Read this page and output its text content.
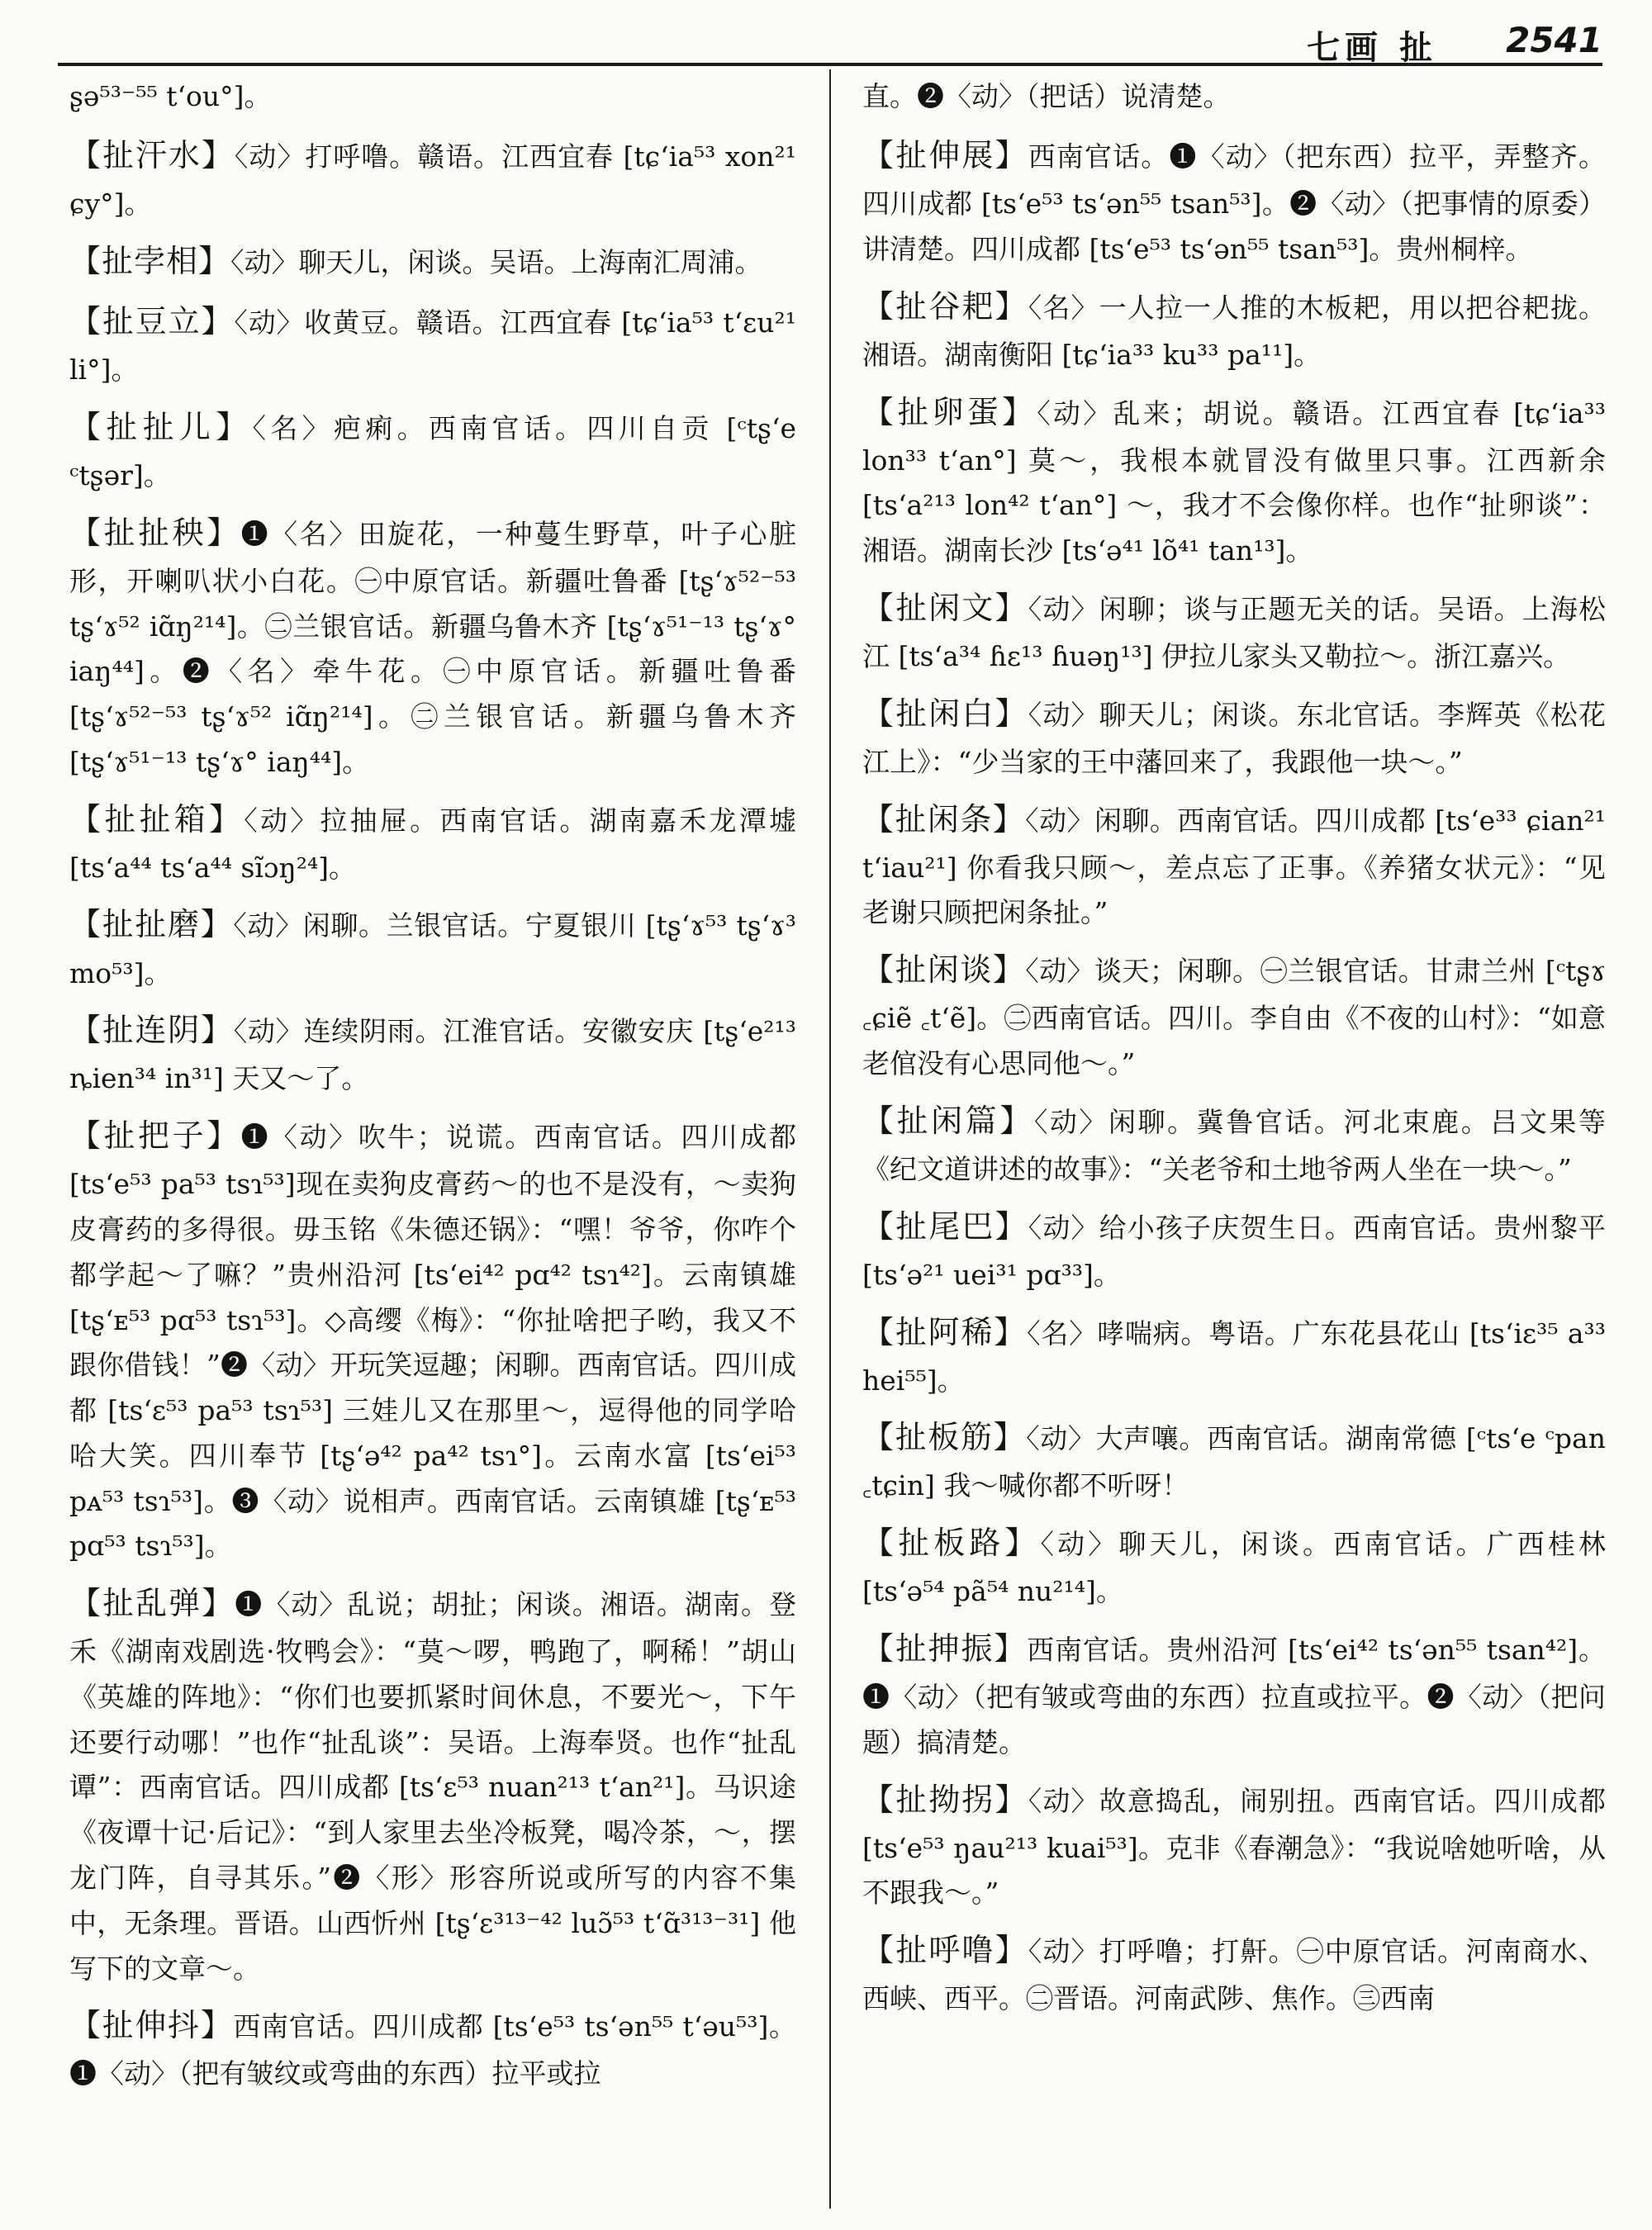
七画 扯 2541

ʂə⁵³⁻⁵⁵ tʻou°]。

【扯汗水】〈动〉打呼噜。赣语。江西宜春 [tɕʻia⁵³ xon²¹ ɕy°]。

【扯孛相】〈动〉聊天儿，闲谈。吴语。上海南汇周浦。

【扯豆立】〈动〉收黄豆。赣语。江西宜春 [tɕʻia⁵³ tʻɛu²¹ li°]。

【扯扯儿】〈名〉疤痢。西南官话。四川自贡 [ᶜtʂʻe ᶜtʂər]。

【扯扯秧】❶〈名〉田旋花，一种蔓生野草，叶子心脏形，开喇叭状小白花。㊀中原官话。新疆吐鲁番 [tʂʻɤ⁵²⁻⁵³ tʂʻɤ⁵² iɑ̃ŋ²¹⁴]。㊁兰银官话。新疆乌鲁木齐 [tʂʻɤ⁵¹⁻¹³ tʂʻɤ° iaŋ⁴⁴]。❷〈名〉牵牛花。㊀中原官话。新疆吐鲁番 [tʂʻɤ⁵²⁻⁵³ tʂʻɤ⁵² iɑ̃ŋ²¹⁴]。㊁兰银官话。新疆乌鲁木齐 [tʂʻɤ⁵¹⁻¹³ tʂʻɤ° iaŋ⁴⁴]。

【扯扯箱】〈动〉拉抽屉。西南官话。湖南嘉禾龙潭墟 [tsʻa⁴⁴ tsʻa⁴⁴ sĩɔŋ²⁴]。

【扯扯磨】〈动〉闲聊。兰银官话。宁夏银川 [tʂʻɤ⁵³ tʂʻɤ³ mo⁵³]。

【扯连阴】〈动〉连续阴雨。江淮官话。安徽安庆 [tʂʻe²¹³ ȵien³⁴ in³¹] 天又～了。

【扯把子】❶〈动〉吹牛；说谎。西南官话。四川成都 [tsʻe⁵³ pa⁵³ tsɿ⁵³]现在卖狗皮膏药～的也不是没有，～卖狗皮膏药的多得很。毋玉铭《朱德还锅》：“嘿！爷爷，你咋个都学起～了嘛？”贵州沿河 [tsʻei⁴² pɑ⁴² tsɿ⁴²]。云南镇雄 [tʂʻᴇ⁵³ pɑ⁵³ tsɿ⁵³]。◇高缨《梅》：“你扯啥把子哟，我又不跟你借钱！”❷〈动〉开玩笑逗趣；闲聊。西南官话。四川成都 [tsʻɛ⁵³ pa⁵³ tsɿ⁵³] 三娃儿又在那里～，逗得他的同学哈哈大笑。四川奉节 [tʂʻə⁴² pa⁴² tsɿ°]。云南水富 [tsʻei⁵³ pᴀ⁵³ tsɿ⁵³]。❸〈动〉说相声。西南官话。云南镇雄 [tʂʻᴇ⁵³ pɑ⁵³ tsɿ⁵³]。

【扯乱弹】❶〈动〉乱说；胡扯；闲谈。湘语。湖南。登禾《湖南戏剧选·牧鸭会》：“莫～啰，鸭跑了，啊稀！”胡山《英雄的阵地》：“你们也要抓紧时间休息，不要光～，下午还要行动哪！”也作“扯乱谈”：吴语。上海奉贤。也作“扯乱谭”：西南官话。四川成都 [tsʻɛ⁵³ nuan²¹³ tʻan²¹]。马识途《夜谭十记·后记》：“到人家里去坐冷板凳，喝冷茶，～，摆龙门阵，自寻其乐。”❷〈形〉形容所说或所写的内容不集中，无条理。晋语。山西忻州 [tʂʻɛ³¹³⁻⁴² luɔ̃⁵³ tʻɑ̃³¹³⁻³¹] 他写下的文章～。

【扯伸抖】西南官话。四川成都 [tsʻe⁵³ tsʻən⁵⁵ tʻəu⁵³]。❶〈动〉（把有皱纹或弯曲的东西）拉平或拉

直。❷〈动〉（把话）说清楚。

【扯伸展】西南官话。❶〈动〉（把东西）拉平，弄整齐。四川成都 [tsʻe⁵³ tsʻən⁵⁵ tsan⁵³]。❷〈动〉（把事情的原委）讲清楚。四川成都 [tsʻe⁵³ tsʻən⁵⁵ tsan⁵³]。贵州桐梓。

【扯谷耙】〈名〉一人拉一人推的木板耙，用以把谷耙拢。湘语。湖南衡阳 [tɕʻia³³ ku³³ pa¹¹]。

【扯卵蛋】〈动〉乱来；胡说。赣语。江西宜春 [tɕʻia³³ lon³³ tʻan°] 莫～，我根本就冒没有做里只事。江西新余 [tsʻa²¹³ lon⁴² tʻan°] ～，我才不会像你样。也作“扯卵谈”：湘语。湖南长沙 [tsʻə⁴¹ lõ⁴¹ tan¹³]。

【扯闲文】〈动〉闲聊；谈与正题无关的话。吴语。上海松江 [tsʻa³⁴ ɦɛ¹³ ɦuəŋ¹³] 伊拉儿家头又勒拉～。浙江嘉兴。

【扯闲白】〈动〉聊天儿；闲谈。东北官话。李辉英《松花江上》：“少当家的王中藩回来了，我跟他一块～。”

【扯闲条】〈动〉闲聊。西南官话。四川成都 [tsʻe³³ ɕian²¹ tʻiau²¹] 你看我只顾～，差点忘了正事。《养猪女状元》：“见老谢只顾把闲条扯。”

【扯闲谈】〈动〉谈天；闲聊。㊀兰银官话。甘肃兰州 [ᶜtʂɤ ꜀ɕiẽ ꜀tʻẽ]。㊁西南官话。四川。李自由《不夜的山村》：“如意老倌没有心思同他～。”

【扯闲篇】〈动〉闲聊。冀鲁官话。河北束鹿。吕文果等《纪文道讲述的故事》：“关老爷和土地爷两人坐在一块～。”

【扯尾巴】〈动〉给小孩子庆贺生日。西南官话。贵州黎平 [tsʻə²¹ uei³¹ pɑ³³]。

【扯阿稀】〈名〉哮喘病。粤语。广东花县花山 [tsʻiɛ³⁵ a³³ hei⁵⁵]。

【扯板筋】〈动〉大声嚷。西南官话。湖南常德 [ᶜtsʻe ᶜpan ꜀tɕin] 我～喊你都不听呀！

【扯板路】〈动〉聊天儿，闲谈。西南官话。广西桂林 [tsʻə⁵⁴ pã⁵⁴ nu²¹⁴]。

【扯抻振】西南官话。贵州沿河 [tsʻei⁴² tsʻən⁵⁵ tsan⁴²]。❶〈动〉（把有皱或弯曲的东西）拉直或拉平。❷〈动〉（把问题）搞清楚。

【扯拗拐】〈动〉故意捣乱，闹别扭。西南官话。四川成都 [tsʻe⁵³ ŋau²¹³ kuai⁵³]。克非《春潮急》：“我说啥她听啥，从不跟我～。”

【扯呼噜】〈动〉打呼噜；打鼾。㊀中原官话。河南商水、西峡、西平。㊁晋语。河南武陟、焦作。㊂西南
